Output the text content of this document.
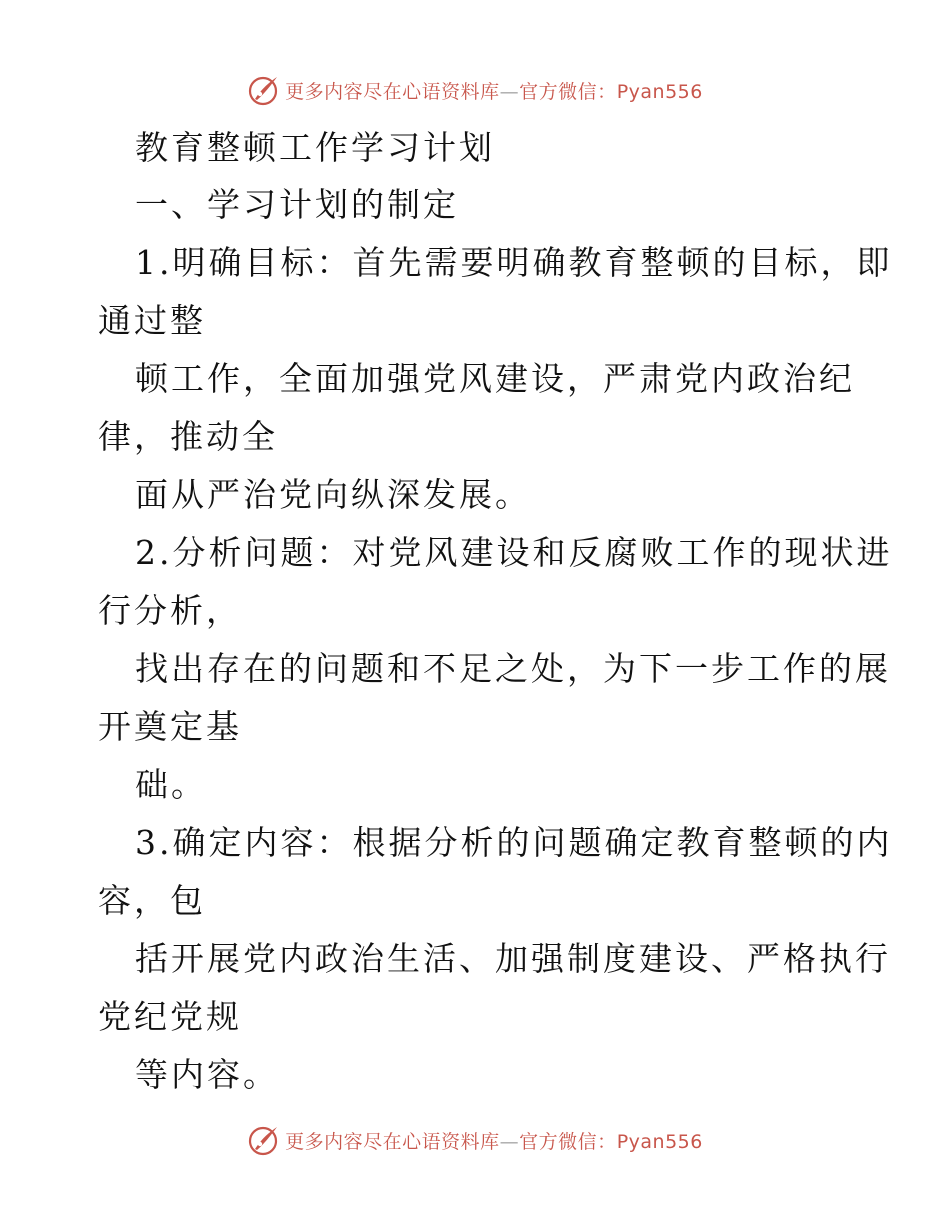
更多内容尽在心语资料库—官方微信：Pyan556
教育整顿工作学习计划
一、学习计划的制定
1.明确目标：首先需要明确教育整顿的目标，即
通过整
顿工作，全面加强党风建设，严肃党内政治纪
律，推动全
面从严治党向纵深发展。
2.分析问题：对党风建设和反腐败工作的现状进
行分析，
找出存在的问题和不足之处，为下一步工作的展
开奠定基
础。
3.确定内容：根据分析的问题确定教育整顿的内
容，包
括开展党内政治生活、加强制度建设、严格执行
党纪党规
等内容。
更多内容尽在心语资料库—官方微信：Pyan556
